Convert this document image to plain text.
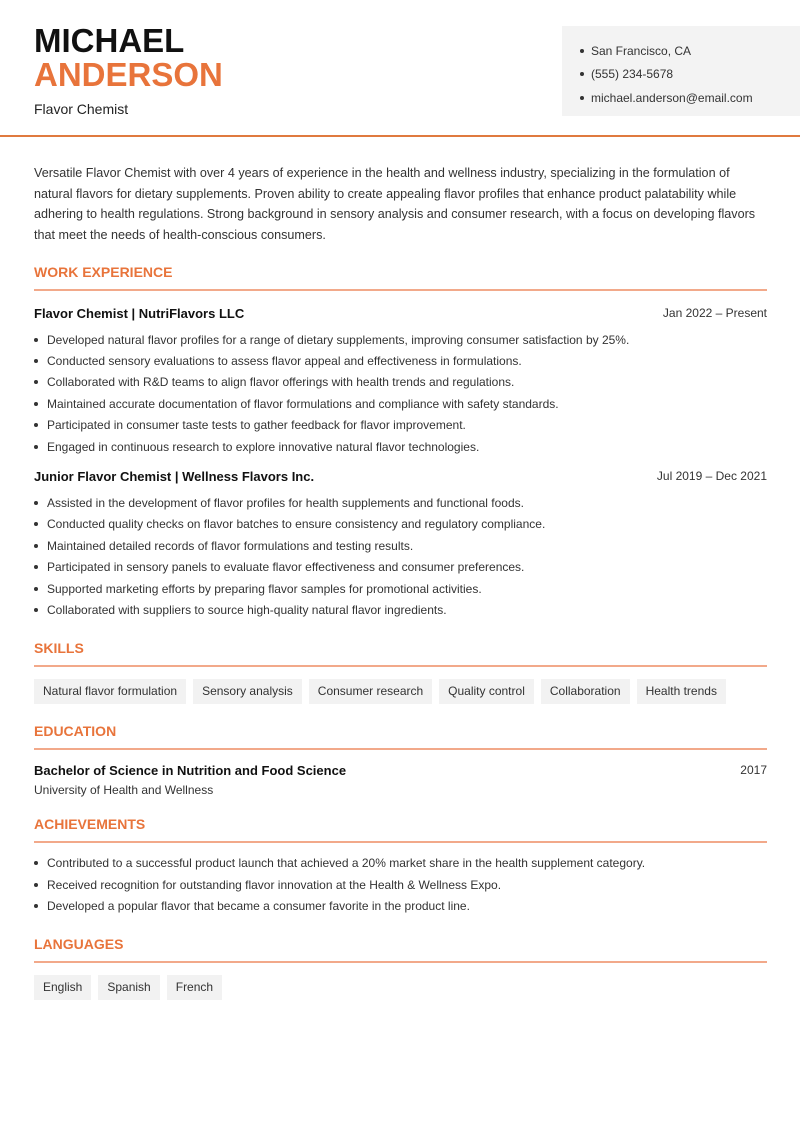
MICHAEL
ANDERSON
Flavor Chemist
San Francisco, CA
(555) 234-5678
michael.anderson@email.com

Versatile Flavor Chemist with over 4 years of experience in the health and wellness industry, specializing in the formulation of natural flavors for dietary supplements. Proven ability to create appealing flavor profiles that enhance product palatability while adhering to health regulations. Strong background in sensory analysis and consumer research, with a focus on developing flavors that meet the needs of health-conscious consumers.

WORK EXPERIENCE
Flavor Chemist | NutriFlavors LLC	Jan 2022 – Present
Developed natural flavor profiles for a range of dietary supplements, improving consumer satisfaction by 25%.
Conducted sensory evaluations to assess flavor appeal and effectiveness in formulations.
Collaborated with R&D teams to align flavor offerings with health trends and regulations.
Maintained accurate documentation of flavor formulations and compliance with safety standards.
Participated in consumer taste tests to gather feedback for flavor improvement.
Engaged in continuous research to explore innovative natural flavor technologies.
Junior Flavor Chemist | Wellness Flavors Inc.	Jul 2019 – Dec 2021
Assisted in the development of flavor profiles for health supplements and functional foods.
Conducted quality checks on flavor batches to ensure consistency and regulatory compliance.
Maintained detailed records of flavor formulations and testing results.
Participated in sensory panels to evaluate flavor effectiveness and consumer preferences.
Supported marketing efforts by preparing flavor samples for promotional activities.
Collaborated with suppliers to source high-quality natural flavor ingredients.
SKILLS
Natural flavor formulation	Sensory analysis	Consumer research	Quality control	Collaboration	Health trends
EDUCATION
Bachelor of Science in Nutrition and Food Science	2017
University of Health and Wellness
ACHIEVEMENTS
Contributed to a successful product launch that achieved a 20% market share in the health supplement category.
Received recognition for outstanding flavor innovation at the Health & Wellness Expo.
Developed a popular flavor that became a consumer favorite in the product line.
LANGUAGES
English	Spanish	French
